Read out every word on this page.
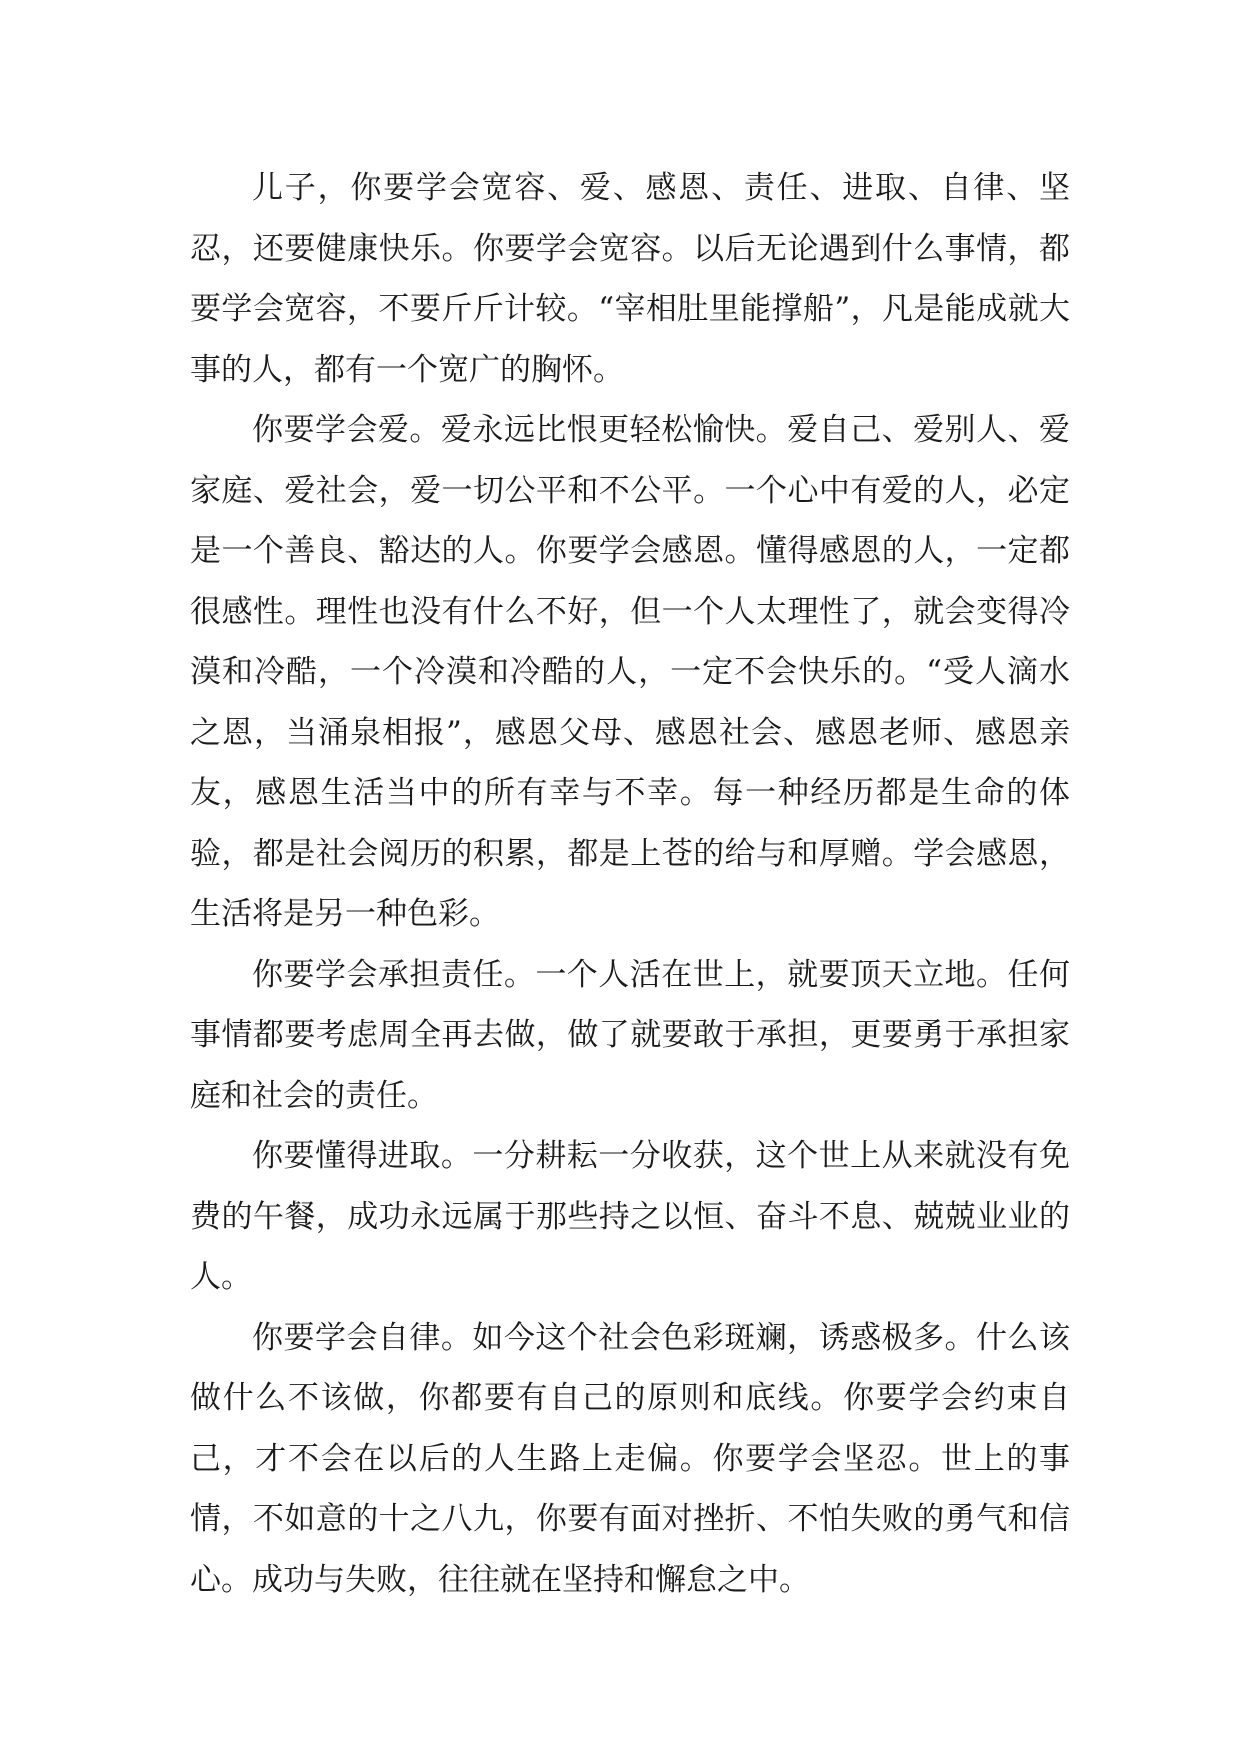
儿子，你要学会宽容、爱、感恩、责任、进取、自律、坚忍，还要健康快乐。你要学会宽容。以后无论遇到什么事情，都要学会宽容，不要斤斤计较。“宰相肚里能撑船”，凡是能成就大事的人，都有一个宽广的胸怀。

你要学会爱。爱永远比恨更轻松愉快。爱自己、爱别人、爱家庭、爱社会，爱一切公平和不公平。一个心中有爱的人，必定是一个善良、豁达的人。你要学会感恩。懂得感恩的人，一定都很感性。理性也没有什么不好，但一个人太理性了，就会变得冷漠和冷酷，一个冷漠和冷酷的人，一定不会快乐的。“受人滴水之恩，当涌泉相报”，感恩父母、感恩社会、感恩老师、感恩亲友，感恩生活当中的所有幸与不幸。每一种经历都是生命的体验，都是社会阅历的积累，都是上苍的给与和厚赠。学会感恩，生活将是另一种色彩。

你要学会承担责任。一个人活在世上，就要顶天立地。任何事情都要考虑周全再去做，做了就要敢于承担，更要勇于承担家庭和社会的责任。

你要懂得进取。一分耕耘一分收获，这个世上从来就没有免费的午餐，成功永远属于那些持之以恒、奋斗不息、兢兢业业的人。

你要学会自律。如今这个社会色彩斑斓，诱惑极多。什么该做什么不该做，你都要有自己的原则和底线。你要学会约束自己，才不会在以后的人生路上走偏。你要学会坚忍。世上的事情，不如意的十之八九，你要有面对挫折、不怕失败的勇气和信心。成功与失败，往往就在坚持和懈怠之中。
